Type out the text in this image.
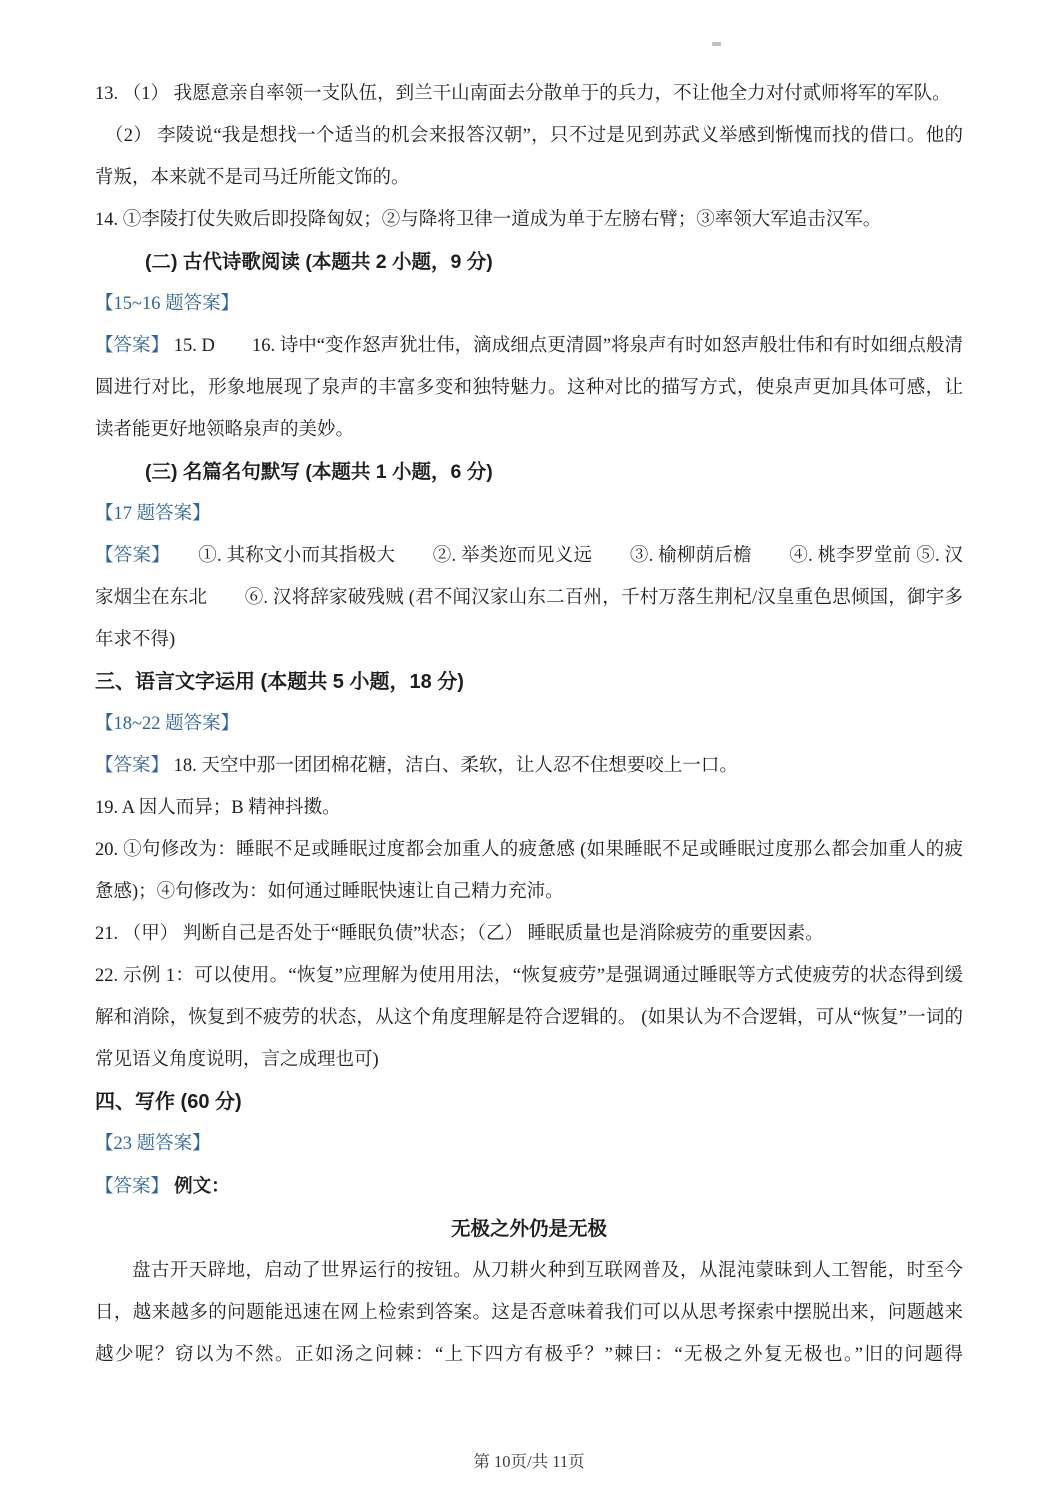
13. （1） 我愿意亲自率领一支队伍，到兰干山南面去分散单于的兵力，不让他全力对付贰师将军的军队。

（2） 李陵说“我是想找一个适当的机会来报答汉朝”，只不过是见到苏武义举感到惭愧而找的借口。他的背叛，本来就不是司马迁所能文饰的。

14. ①李陵打仗失败后即投降匈奴；②与降将卫律一道成为单于左膀右臂；③率领大军追击汉军。

(二) 古代诗歌阅读 (本题共 2 小题，9 分)

【15~16 题答案】

【答案】 15. D　　16. 诗中“变作怒声犹壮伟，滴成细点更清圆”将泉声有时如怒声般壮伟和有时如细点般清圆进行对比，形象地展现了泉声的丰富多变和独特魅力。这种对比的描写方式，使泉声更加具体可感，让读者能更好地领略泉声的美妙。

(三) 名篇名句默写 (本题共 1 小题，6 分)

【17 题答案】

【答案】　　①. 其称文小而其指极大　　②. 举类迩而见义远　　③. 榆柳荫后檐　　④. 桃李罗堂前 ⑤. 汉家烟尘在东北　　⑥. 汉将辞家破残贼 (君不闻汉家山东二百州，千村万落生荆杞/汉皇重色思倾国，御宇多年求不得)

三、语言文字运用 (本题共 5 小题，18 分)

【18~22 题答案】

【答案】 18. 天空中那一团团棉花糖，洁白、柔软，让人忍不住想要咬上一口。

19. A 因人而异；B 精神抖擞。

20. ①句修改为：睡眠不足或睡眠过度都会加重人的疲惫感 (如果睡眠不足或睡眠过度那么都会加重人的疲惫感)；④句修改为：如何通过睡眠快速让自己精力充沛。

21. （甲） 判断自己是否处于“睡眠负债”状态；（乙） 睡眠质量也是消除疲劳的重要因素。

22. 示例 1：可以使用。“恢复”应理解为使用用法，“恢复疲劳”是强调通过睡眠等方式使疲劳的状态得到缓解和消除，恢复到不疲劳的状态，从这个角度理解是符合逻辑的。 (如果认为不合逻辑，可从“恢复”一词的常见语义角度说明，言之成理也可)

四、写作 (60 分)

【23 题答案】

【答案】 例文：

无极之外仍是无极

盘古开天辟地，启动了世界运行的按钮。从刀耕火种到互联网普及，从混沌蒙昧到人工智能，时至今日，越来越多的问题能迅速在网上检索到答案。这是否意味着我们可以从思考探索中摆脱出来，问题越来越少呢？窃以为不然。正如汤之问棘：“上下四方有极乎？”棘曰：“无极之外复无极也。”旧的问题得

第 10页/共 11页
